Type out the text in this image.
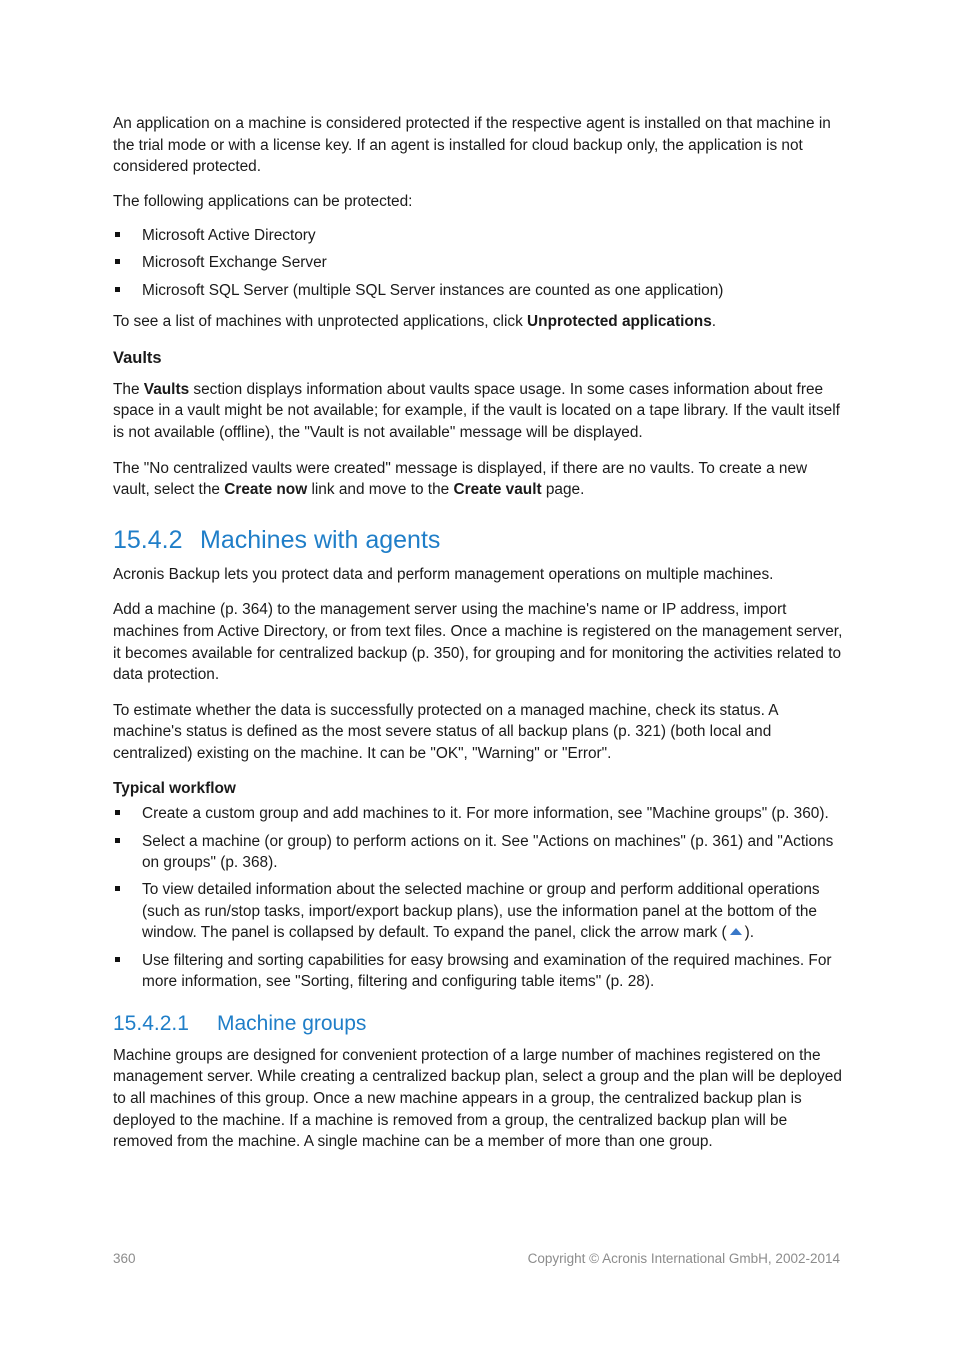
An application on a machine is considered protected if the respective agent is installed on that machine in the trial mode or with a license key. If an agent is installed for cloud backup only, the application is not considered protected.

The following applications can be protected:

Microsoft Active Directory
Microsoft Exchange Server
Microsoft SQL Server (multiple SQL Server instances are counted as one application)

To see a list of machines with unprotected applications, click Unprotected applications.

Vaults

The Vaults section displays information about vaults space usage. In some cases information about free space in a vault might be not available; for example, if the vault is located on a tape library. If the vault itself is not available (offline), the "Vault is not available" message will be displayed.

The "No centralized vaults were created" message is displayed, if there are no vaults. To create a new vault, select the Create now link and move to the Create vault page.

15.4.2 Machines with agents

Acronis Backup lets you protect data and perform management operations on multiple machines.

Add a machine (p. 364) to the management server using the machine's name or IP address, import machines from Active Directory, or from text files. Once a machine is registered on the management server, it becomes available for centralized backup (p. 350), for grouping and for monitoring the activities related to data protection.

To estimate whether the data is successfully protected on a managed machine, check its status. A machine's status is defined as the most severe status of all backup plans (p. 321) (both local and centralized) existing on the machine. It can be "OK", "Warning" or "Error".

Typical workflow
Create a custom group and add machines to it. For more information, see "Machine groups" (p. 360).
Select a machine (or group) to perform actions on it. See "Actions on machines" (p. 361) and "Actions on groups" (p. 368).
To view detailed information about the selected machine or group and perform additional operations (such as run/stop tasks, import/export backup plans), use the information panel at the bottom of the window. The panel is collapsed by default. To expand the panel, click the arrow mark ( ).
Use filtering and sorting capabilities for easy browsing and examination of the required machines. For more information, see "Sorting, filtering and configuring table items" (p. 28).
15.4.2.1 Machine groups

Machine groups are designed for convenient protection of a large number of machines registered on the management server. While creating a centralized backup plan, select a group and the plan will be deployed to all machines of this group. Once a new machine appears in a group, the centralized backup plan is deployed to the machine. If a machine is removed from a group, the centralized backup plan will be removed from the machine. A single machine can be a member of more than one group.

360	Copyright © Acronis International GmbH, 2002-2014
